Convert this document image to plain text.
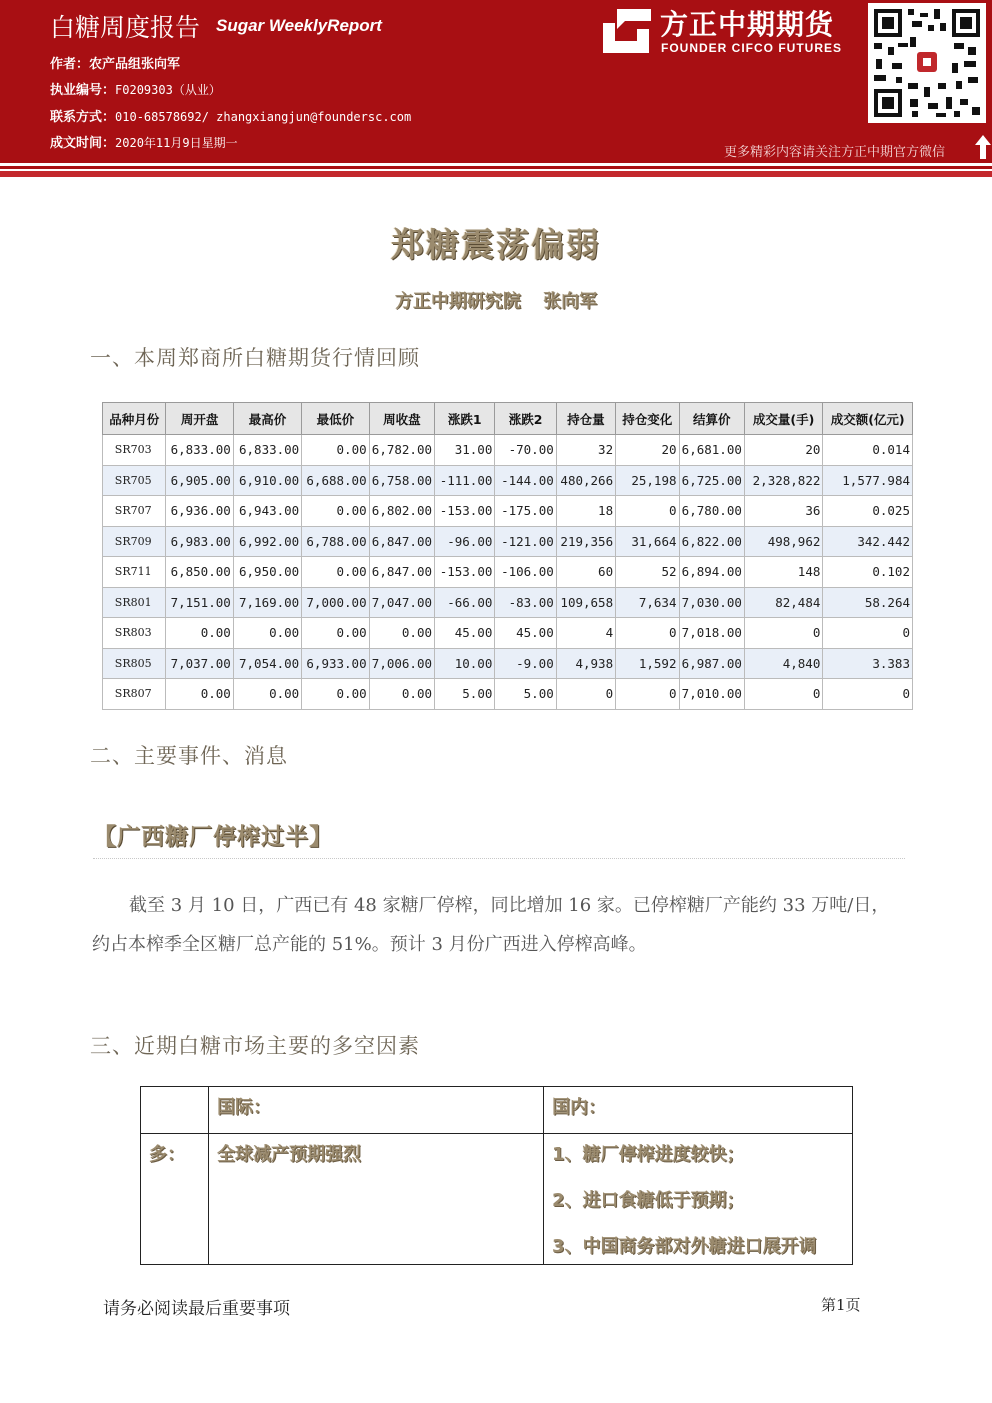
白糖周度报告 Sugar WeeklyReport
作者：农产品组张向军
执业编号：F0209303（从业）
联系方式：010-68578692/ zhangxiangjun@foundersc.com
成文时间：2020年11月9日星期一
方正中期期货
FOUNDER CIFCO FUTURES
更多精彩内容请关注方正中期官方微信
郑糖震荡偏弱
方正中期研究院 张向军
一、本周郑商所白糖期货行情回顾
品种月份	周开盘	最高价	最低价	周收盘	涨跌1	涨跌2	持仓量	持仓变化	结算价	成交量(手)	成交额(亿元)
SR703	6,833.00	6,833.00	0.00	6,782.00	31.00	-70.00	32	20	6,681.00	20	0.014
SR705	6,905.00	6,910.00	6,688.00	6,758.00	-111.00	-144.00	480,266	25,198	6,725.00	2,328,822	1,577.984
SR707	6,936.00	6,943.00	0.00	6,802.00	-153.00	-175.00	18	0	6,780.00	36	0.025
SR709	6,983.00	6,992.00	6,788.00	6,847.00	-96.00	-121.00	219,356	31,664	6,822.00	498,962	342.442
SR711	6,850.00	6,950.00	0.00	6,847.00	-153.00	-106.00	60	52	6,894.00	148	0.102
SR801	7,151.00	7,169.00	7,000.00	7,047.00	-66.00	-83.00	109,658	7,634	7,030.00	82,484	58.264
SR803	0.00	0.00	0.00	0.00	45.00	45.00	4	0	7,018.00	0	0
SR805	7,037.00	7,054.00	6,933.00	7,006.00	10.00	-9.00	4,938	1,592	6,987.00	4,840	3.383
SR807	0.00	0.00	0.00	0.00	5.00	5.00	0	0	7,010.00	0	0
二、主要事件、消息
【广西糖厂停榨过半】
截至 3 月 10 日，广西已有 48 家糖厂停榨，同比增加 16 家。已停榨糖厂产能约 33 万吨/日，约占本榨季全区糖厂总产能的 51%。预计 3 月份广西进入停榨高峰。
三、近期白糖市场主要的多空因素
	国际：	国内：
多：	全球减产预期强烈	1、糖厂停榨进度较快；
2、进口食糖低于预期；
3、中国商务部对外糖进口展开调
请务必阅读最后重要事项	第1页
